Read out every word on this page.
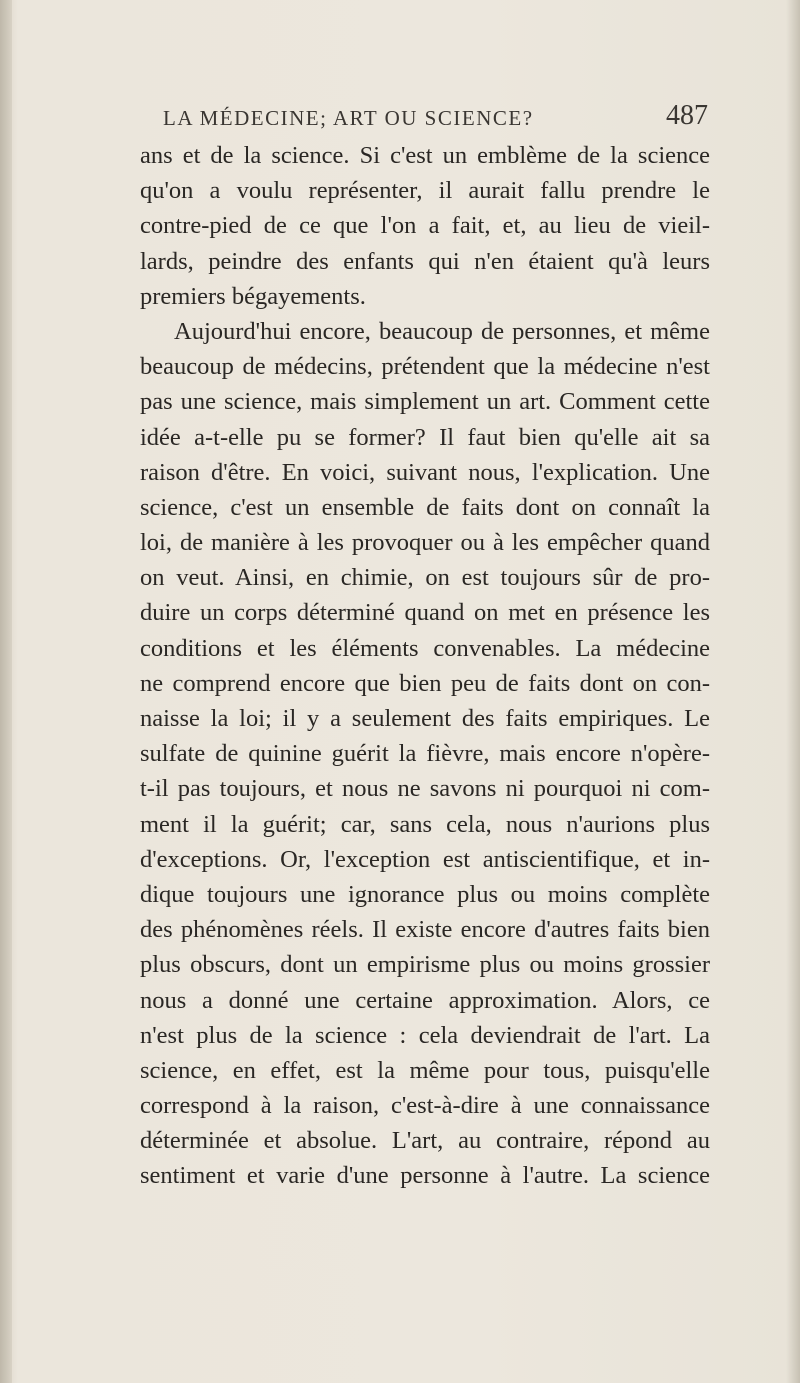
LA MÉDECINE; ART OU SCIENCE?	487
ans et de la science. Si c'est un emblème de la science
qu'on a voulu représenter, il aurait fallu prendre le
contre-pied de ce que l'on a fait, et, au lieu de vieil-
lards, peindre des enfants qui n'en étaient qu'à leurs
premiers bégayements.
Aujourd'hui encore, beaucoup de personnes, et même
beaucoup de médecins, prétendent que la médecine n'est
pas une science, mais simplement un art. Comment cette
idée a-t-elle pu se former? Il faut bien qu'elle ait sa
raison d'être. En voici, suivant nous, l'explication. Une
science, c'est un ensemble de faits dont on connaît la
loi, de manière à les provoquer ou à les empêcher quand
on veut. Ainsi, en chimie, on est toujours sûr de pro-
duire un corps déterminé quand on met en présence les
conditions et les éléments convenables. La médecine
ne comprend encore que bien peu de faits dont on con-
naisse la loi; il y a seulement des faits empiriques. Le
sulfate de quinine guérit la fièvre, mais encore n'opère-
t-il pas toujours, et nous ne savons ni pourquoi ni com-
ment il la guérit; car, sans cela, nous n'aurions plus
d'exceptions. Or, l'exception est antiscientifique, et in-
dique toujours une ignorance plus ou moins complète
des phénomènes réels. Il existe encore d'autres faits bien
plus obscurs, dont un empirisme plus ou moins grossier
nous a donné une certaine approximation. Alors, ce
n'est plus de la science : cela deviendrait de l'art. La
science, en effet, est la même pour tous, puisqu'elle
correspond à la raison, c'est-à-dire à une connaissance
déterminée et absolue. L'art, au contraire, répond au
sentiment et varie d'une personne à l'autre. La science
